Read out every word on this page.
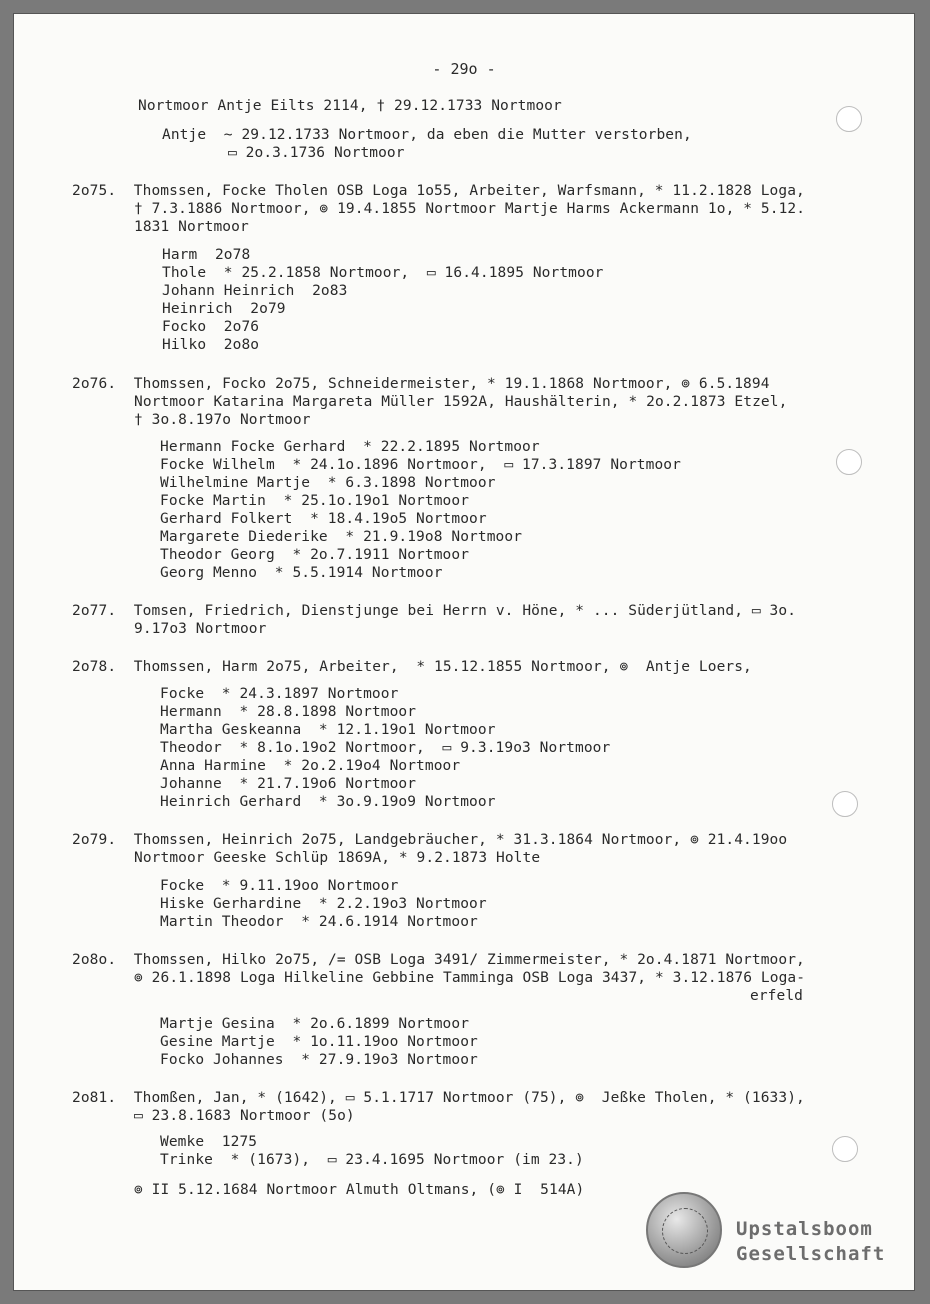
- 29o -
Nortmoor Antje Eilts 2114, † 29.12.1733 Nortmoor
Antje  ~ 29.12.1733 Nortmoor, da eben die Mutter verstorben,
▭ 2o.3.1736 Nortmoor
2o75.  Thomssen, Focke Tholen OSB Loga 1o55, Arbeiter, Warfsmann, * 11.2.1828 Loga,
† 7.3.1886 Nortmoor, ⊚ 19.4.1855 Nortmoor Martje Harms Ackermann 1o, * 5.12.
1831 Nortmoor
Harm  2o78
Thole  * 25.2.1858 Nortmoor,  ▭ 16.4.1895 Nortmoor
Johann Heinrich  2o83
Heinrich  2o79
Focko  2o76
Hilko  2o8o
2o76.  Thomssen, Focko 2o75, Schneidermeister, * 19.1.1868 Nortmoor, ⊚ 6.5.1894
Nortmoor Katarina Margareta Müller 1592A, Haushälterin, * 2o.2.1873 Etzel,
† 3o.8.197o Nortmoor
Hermann Focke Gerhard  * 22.2.1895 Nortmoor
Focke Wilhelm  * 24.1o.1896 Nortmoor,  ▭ 17.3.1897 Nortmoor
Wilhelmine Martje  * 6.3.1898 Nortmoor
Focke Martin  * 25.1o.19o1 Nortmoor
Gerhard Folkert  * 18.4.19o5 Nortmoor
Margarete Diederike  * 21.9.19o8 Nortmoor
Theodor Georg  * 2o.7.1911 Nortmoor
Georg Menno  * 5.5.1914 Nortmoor
2o77.  Tomsen, Friedrich, Dienstjunge bei Herrn v. Höne, * ... Süderjütland, ▭ 3o.
9.17o3 Nortmoor
2o78.  Thomssen, Harm 2o75, Arbeiter,  * 15.12.1855 Nortmoor, ⊚  Antje Loers,
Focke  * 24.3.1897 Nortmoor
Hermann  * 28.8.1898 Nortmoor
Martha Geskeanna  * 12.1.19o1 Nortmoor
Theodor  * 8.1o.19o2 Nortmoor,  ▭ 9.3.19o3 Nortmoor
Anna Harmine  * 2o.2.19o4 Nortmoor
Johanne  * 21.7.19o6 Nortmoor
Heinrich Gerhard  * 3o.9.19o9 Nortmoor
2o79.  Thomssen, Heinrich 2o75, Landgebräucher, * 31.3.1864 Nortmoor, ⊚ 21.4.19oo
Nortmoor Geeske Schlüp 1869A, * 9.2.1873 Holte
Focke  * 9.11.19oo Nortmoor
Hiske Gerhardine  * 2.2.19o3 Nortmoor
Martin Theodor  * 24.6.1914 Nortmoor
2o8o.  Thomssen, Hilko 2o75, /= OSB Loga 3491/ Zimmermeister, * 2o.4.1871 Nortmoor,
⊚ 26.1.1898 Loga Hilkeline Gebbine Tamminga OSB Loga 3437, * 3.12.1876 Loga-
erfeld
Martje Gesina  * 2o.6.1899 Nortmoor
Gesine Martje  * 1o.11.19oo Nortmoor
Focko Johannes  * 27.9.19o3 Nortmoor
2o81.  Thomßen, Jan, * (1642), ▭ 5.1.1717 Nortmoor (75), ⊚  Jeßke Tholen, * (1633),
▭ 23.8.1683 Nortmoor (5o)
Wemke  1275
Trinke  * (1673),  ▭ 23.4.1695 Nortmoor (im 23.)
⊚ II 5.12.1684 Nortmoor Almuth Oltmans, (⊚ I  514A)
Upstalsboom
Gesellschaft
